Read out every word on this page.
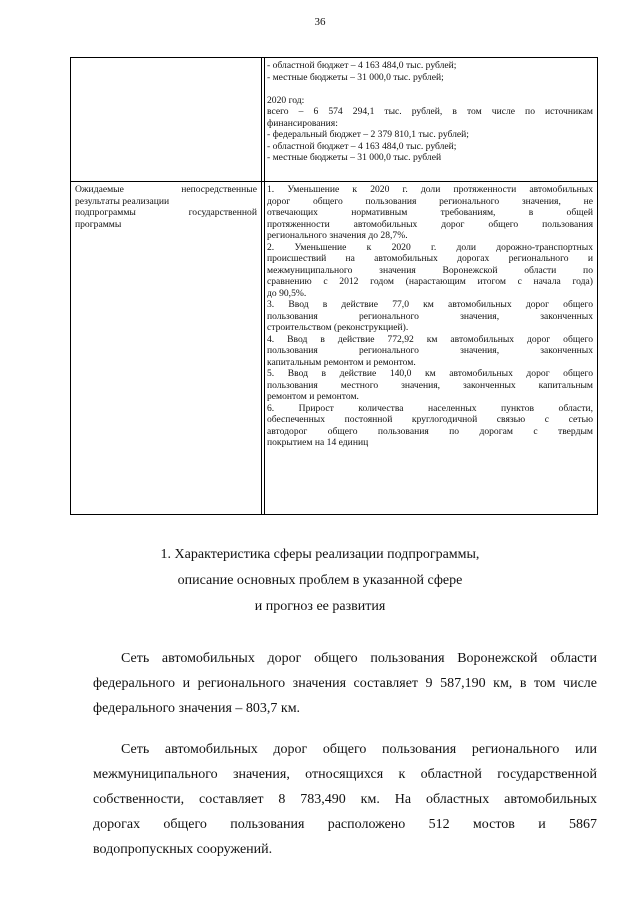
36
- областной бюджет – 4 163 484,0 тыс. рублей;
- местные бюджеты – 31 000,0 тыс. рублей;
2020 год:
всего – 6 574 294,1 тыс. рублей, в том числе по источникам
финансирования:
- федеральный бюджет – 2 379 810,1 тыс. рублей;
- областной бюджет – 4 163 484,0 тыс. рублей;
- местные бюджеты – 31 000,0 тыс. рублей
Ожидаемые непосредственные
результаты реализации
подпрограммы государственной
программы
1. Уменьшение к 2020 г. доли протяженности автомобильных
дорог общего пользования регионального значения, не
отвечающих нормативным требованиям, в общей
протяженности автомобильных дорог общего пользования
регионального значения до 28,7%.
2. Уменьшение к 2020 г. доли дорожно-транспортных
происшествий на автомобильных дорогах регионального и
межмуниципального значения Воронежской области по
сравнению с 2012 годом (нарастающим итогом с начала года)
до 90,5%.
3. Ввод в действие 77,0 км автомобильных дорог общего
пользования регионального значения, законченных
строительством (реконструкцией).
4. Ввод в действие 772,92 км автомобильных дорог общего
пользования регионального значения, законченных
капитальным ремонтом и ремонтом.
5. Ввод в действие 140,0 км автомобильных дорог общего
пользования местного значения, законченных капитальным
ремонтом и ремонтом.
6. Прирост количества населенных пунктов области,
обеспеченных постоянной круглогодичной связью с сетью
автодорог общего пользования по дорогам с твердым
покрытием на 14 единиц
1. Характеристика сферы реализации подпрограммы,
описание основных проблем в указанной сфере
и прогноз ее развития
Сеть автомобильных дорог общего пользования Воронежской области
федерального и регионального значения составляет 9 587,190 км, в том числе
федерального значения – 803,7 км.
Сеть автомобильных дорог общего пользования регионального или
межмуниципального значения, относящихся к областной государственной
собственности, составляет 8 783,490 км. На областных автомобильных
дорогах общего пользования расположено 512 мостов и 5867
водопропускных сооружений.
